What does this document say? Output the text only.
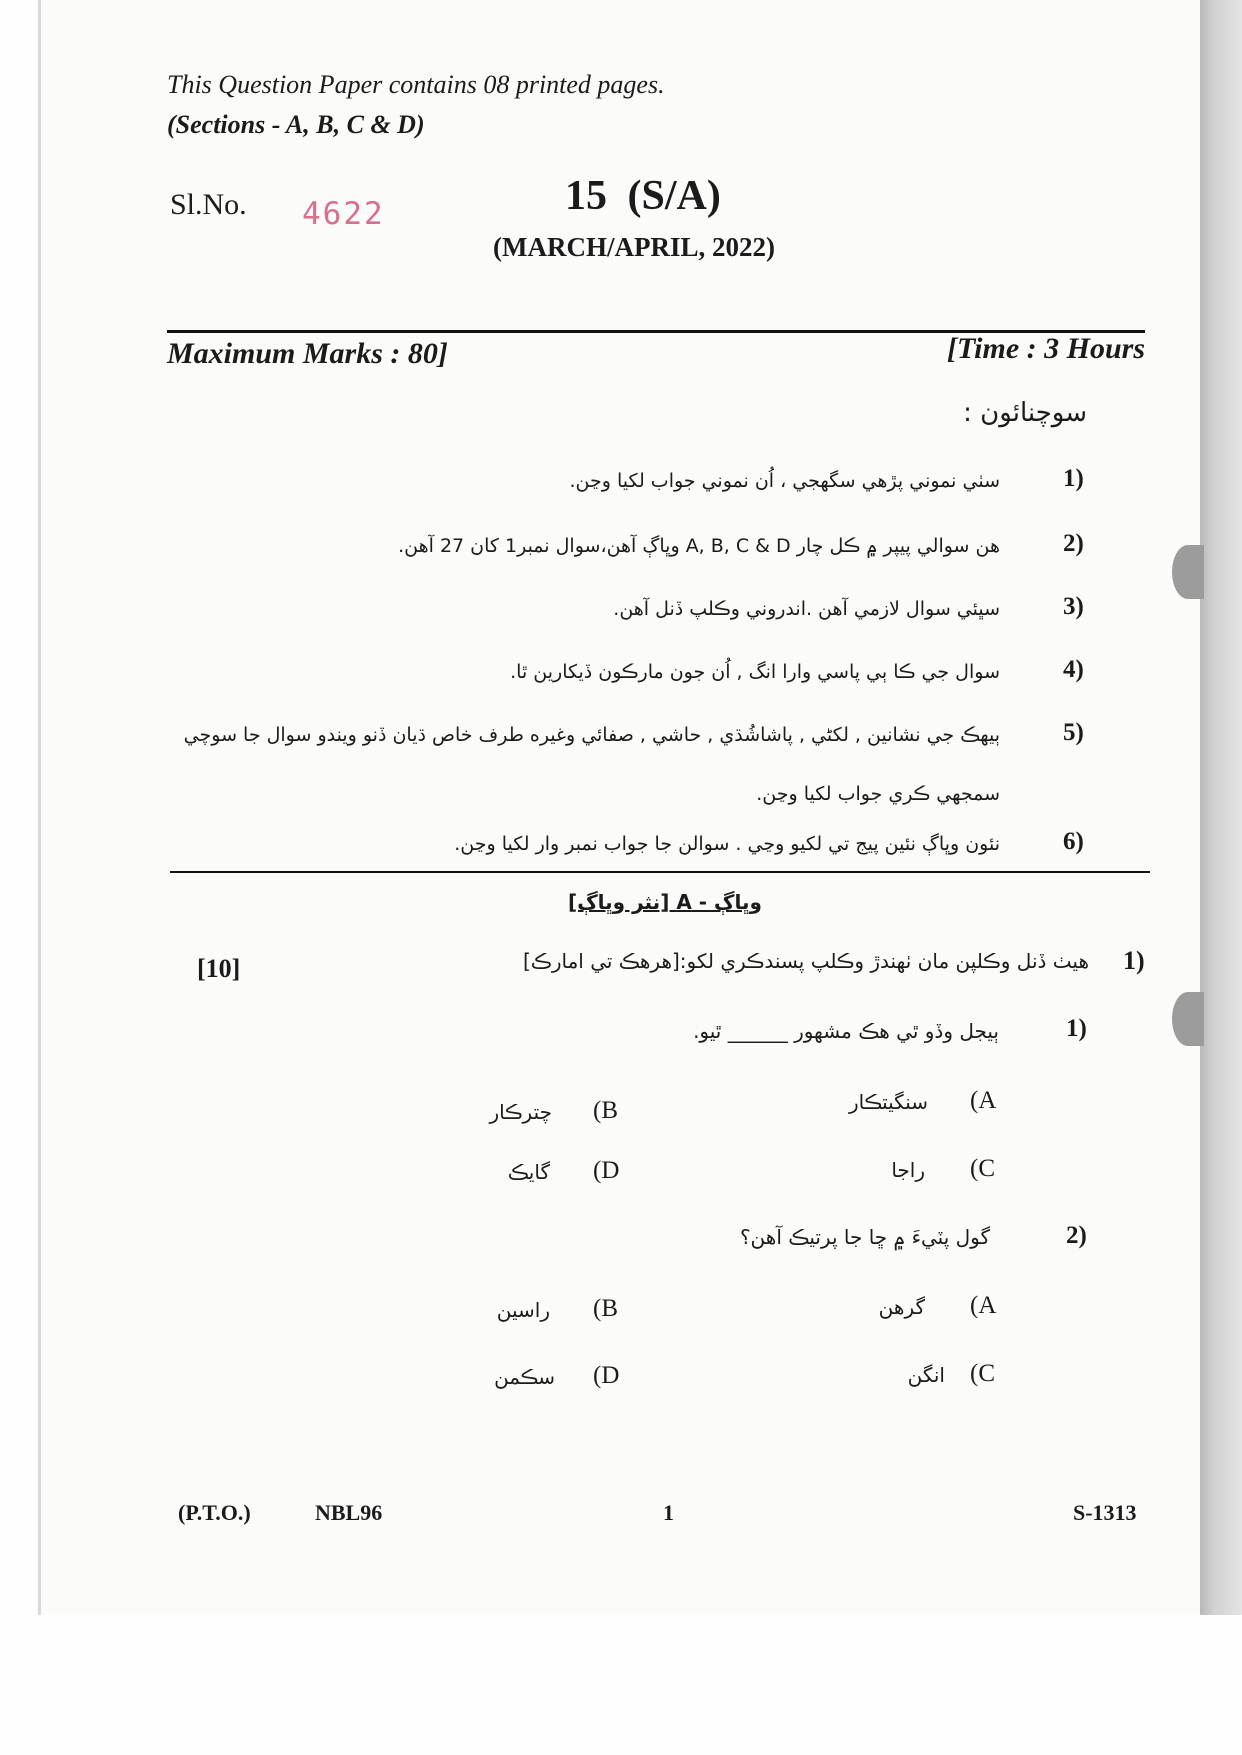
This Question Paper contains 08 printed pages.
(Sections - A, B, C & D)
Sl.No. 4622	15 (S/A)
(MARCH/APRIL, 2022)
Maximum Marks : 80]	[Time : 3 Hours
سوچنائون :
1)
سٺي نموني پڙهي سگهجي ، اُن نموني جواب لکيا وڃن.
2)
هن سوالي پيپر ۾ ڪل چار A, B, C & D وڀاڳ آهن،سوال نمبر1 کان 27 آهن.
3)
سڀئي سوال لازمي آهن .اندروني وڪلپ ڏنل آهن.
4)
سوال جي ڪا ٻي پاسي وارا انگ , اُن جون مارڪون ڏيکارين ٿا.
5)
ٻيهڪ جي نشانين , لکڻي , پاشاشُڌي , حاشي , صفائي وغيره طرف خاص ڌيان ڏنو ويندو سوال جا سوچي
سمجهي ڪري جواب لکيا وڃن.
6)
نئون وڀاڳ نئين پيج تي لکيو وڃي . سوالن جا جواب نمبر وار لکيا وڃن.
وڀاڳ - A [نثر وڀاڳ]
1)
هيٺ ڏنل وڪلپن مان ٺهندڙ وڪلپ پسندڪري لکو:[هرهڪ تي امارڪ]
[10]
1)
ٻيجل وڏو ٿي هڪ مشهور ______ ٿيو.
(A
سنگيتڪار
(B
چترڪار
(C
راجا
(D
گايڪ
2)
گول پٽيءَ ۾ ڇا جا پرتيڪ آهن؟
(A
گرهن
(B
راسين
(C
انگن
(D
سڪمن
(P.T.O.)	NBL96	1	S-1313
